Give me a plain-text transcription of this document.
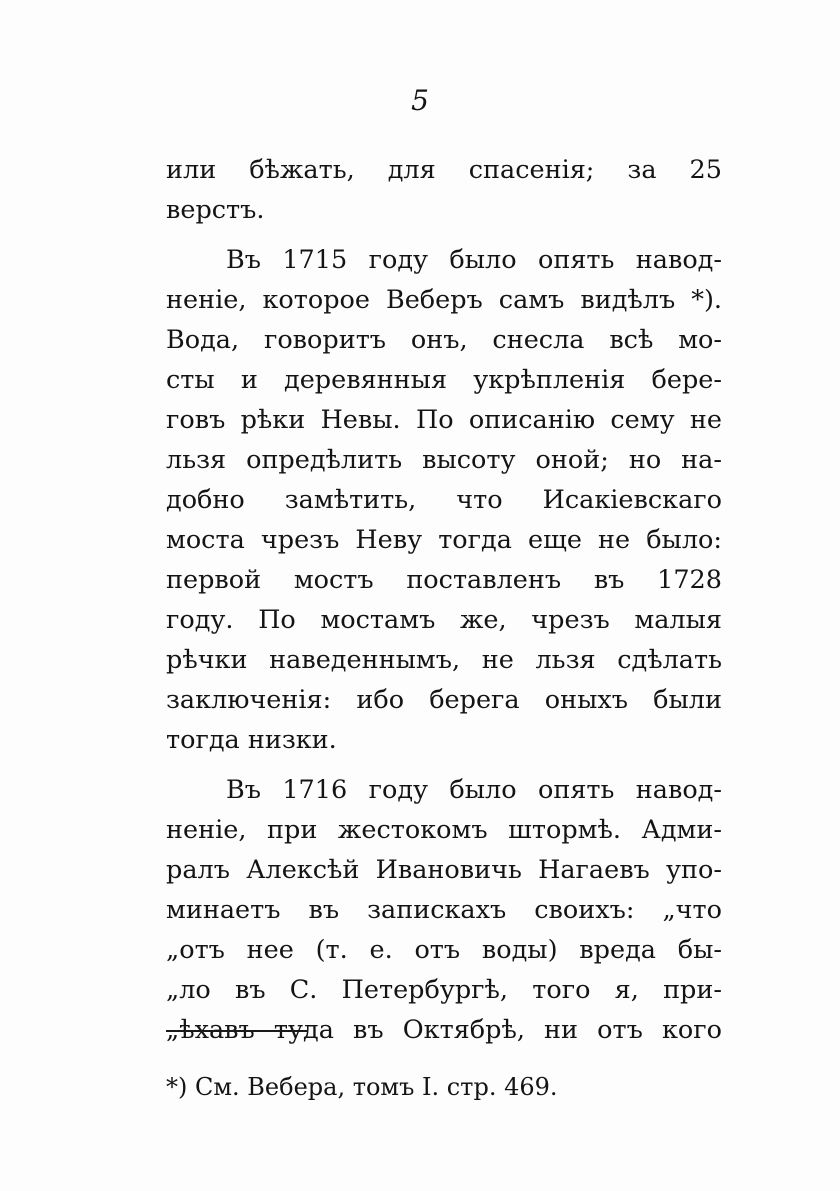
5
или бѣжать, для спасенія; за 25
верстъ.
Въ 1715 году было опять навод-
неніе, которое Веберъ самъ видѣлъ *).
Вода, говоритъ онъ, снесла всѣ мо-
сты и деревянныя укрѣпленія бере-
говъ рѣки Невы. По описанію сему не
льзя опредѣлить высоту оной; но на-
добно замѣтить, что Исакіевскаго
моста чрезъ Неву тогда еще не было:
первой мостъ поставленъ въ 1728
году. По мостамъ же, чрезъ малыя
рѣчки наведеннымъ, не льзя сдѣлать
заключенія: ибо берега оныхъ были
тогда низки.
Въ 1716 году было опять навод-
неніе, при жестокомъ штормѣ. Адми-
ралъ Алексѣй Ивановичь Нагаевъ упо-
минаетъ въ запискахъ своихъ: „что
„отъ нее (т. е. отъ воды) вреда бы-
„ло въ С. Петербургѣ, того я, при-
„ѣхавъ туда въ Октябрѣ, ни отъ кого
*) См. Вебера, томъ I. стр. 469.
